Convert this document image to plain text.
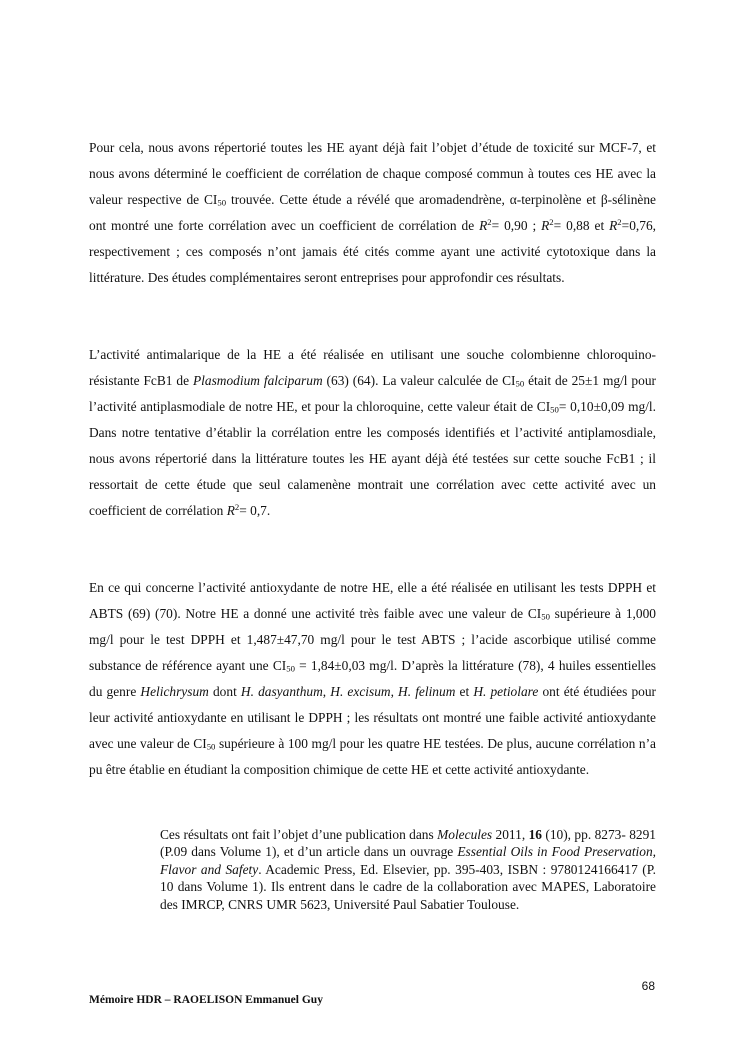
Pour cela, nous avons répertorié toutes les HE ayant déjà fait l’objet d’étude de toxicité sur MCF-7, et nous avons déterminé le coefficient de corrélation de chaque composé commun à toutes ces HE avec la valeur respective de $CI_{50}$ trouvée. Cette étude a révélé que aromadendrène, α-terpinolène et β-sélinène ont montré une forte corrélation avec un coefficient de corrélation de $R^2= 0,90$ ; $R^2= 0,88$ et $R^2=0,76$, respectivement ; ces composés n’ont jamais été cités comme ayant une activité cytotoxique dans la littérature. Des études complémentaires seront entreprises pour approfondir ces résultats.

L’activité antimalarique de la HE a été réalisée en utilisant une souche colombienne chloroquino-résistante FcB1 de Plasmodium falciparum (63) (64). La valeur calculée de $CI_{50}$ était de 25±1 mg/l pour l’activité antiplasmodiale de notre HE, et pour la chloroquine, cette valeur était de $CI_{50}= 0,10\pm 0,09$ mg/l. Dans notre tentative d’établir la corrélation entre les composés identifiés et l’activité antiplamosdiale, nous avons répertorié dans la littérature toutes les HE ayant déjà été testées sur cette souche FcB1 ; il ressortait de cette étude que seul calamenène montrait une corrélation avec cette activité avec un coefficient de corrélation $R^2= 0,7$.

En ce qui concerne l’activité antioxydante de notre HE, elle a été réalisée en utilisant les tests DPPH et ABTS (69) (70). Notre HE a donné une activité très faible avec une valeur de $CI_{50}$ supérieure à 1,000 mg/l pour le test DPPH et 1,487±47,70 mg/l pour le test ABTS ; l’acide ascorbique utilisé comme substance de référence ayant une $CI_{50} = 1,84\pm 0,03$ mg/l. D’après la littérature (78), 4 huiles essentielles du genre Helichrysum dont H. dasyanthum, H. excisum, H. felinum et H. petiolare ont été étudiées pour leur activité antioxydante en utilisant le DPPH ; les résultats ont montré une faible activité antioxydante avec une valeur de $CI_{50}$ supérieure à 100 mg/l pour les quatre HE testées. De plus, aucune corrélation n’a pu être établie en étudiant la composition chimique de cette HE et cette activité antioxydante.

Ces résultats ont fait l’objet d’une publication dans Molecules 2011, 16 (10), pp. 8273- 8291 (P.09 dans Volume 1), et d’un article dans un ouvrage Essential Oils in Food Preservation, Flavor and Safety. Academic Press, Ed. Elsevier, pp. 395-403, ISBN : 9780124166417 (P. 10 dans Volume 1). Ils entrent dans le cadre de la collaboration avec MAPES, Laboratoire des IMRCP, CNRS UMR 5623, Université Paul Sabatier Toulouse.

68
Mémoire HDR – RAOELISON Emmanuel Guy
